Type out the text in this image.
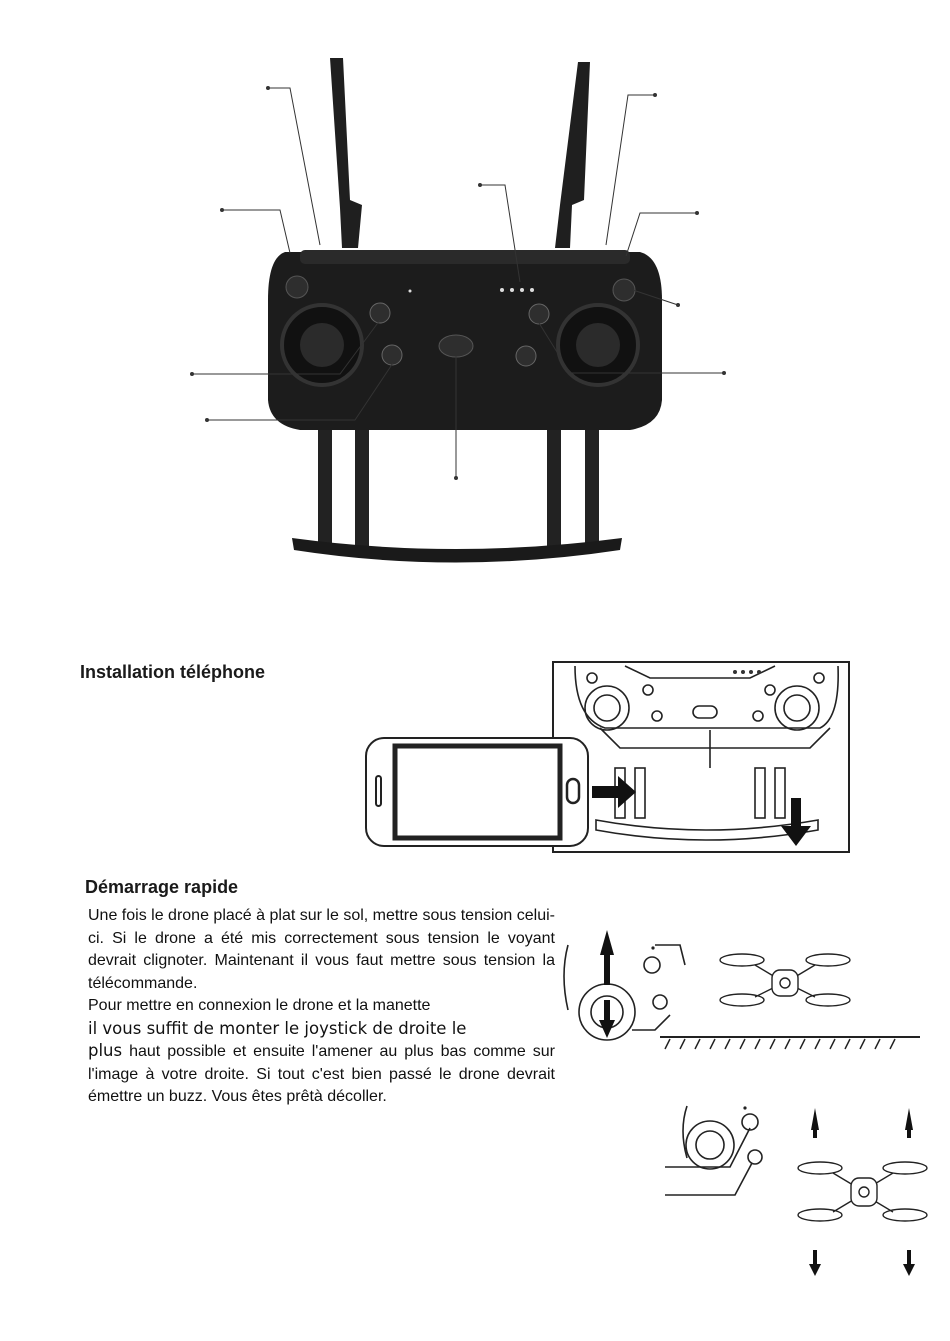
Installation téléphone
Démarrage rapide

Une fois le drone placé à plat sur le sol, mettre sous tension celui-ci. Si le drone a été mis correctement sous tension le voyant devrait clignoter. Maintenant il vous faut mettre sous tension la télécommande.

Pour mettre en connexion le drone et la manette

il vous suffit de monter le joystick de droite le

plus haut possible et ensuite l'amener au plus bas comme sur l'image à votre droite. Si tout c'est bien passé le drone devrait émettre un buzz. Vous êtes prêtà décoller.
